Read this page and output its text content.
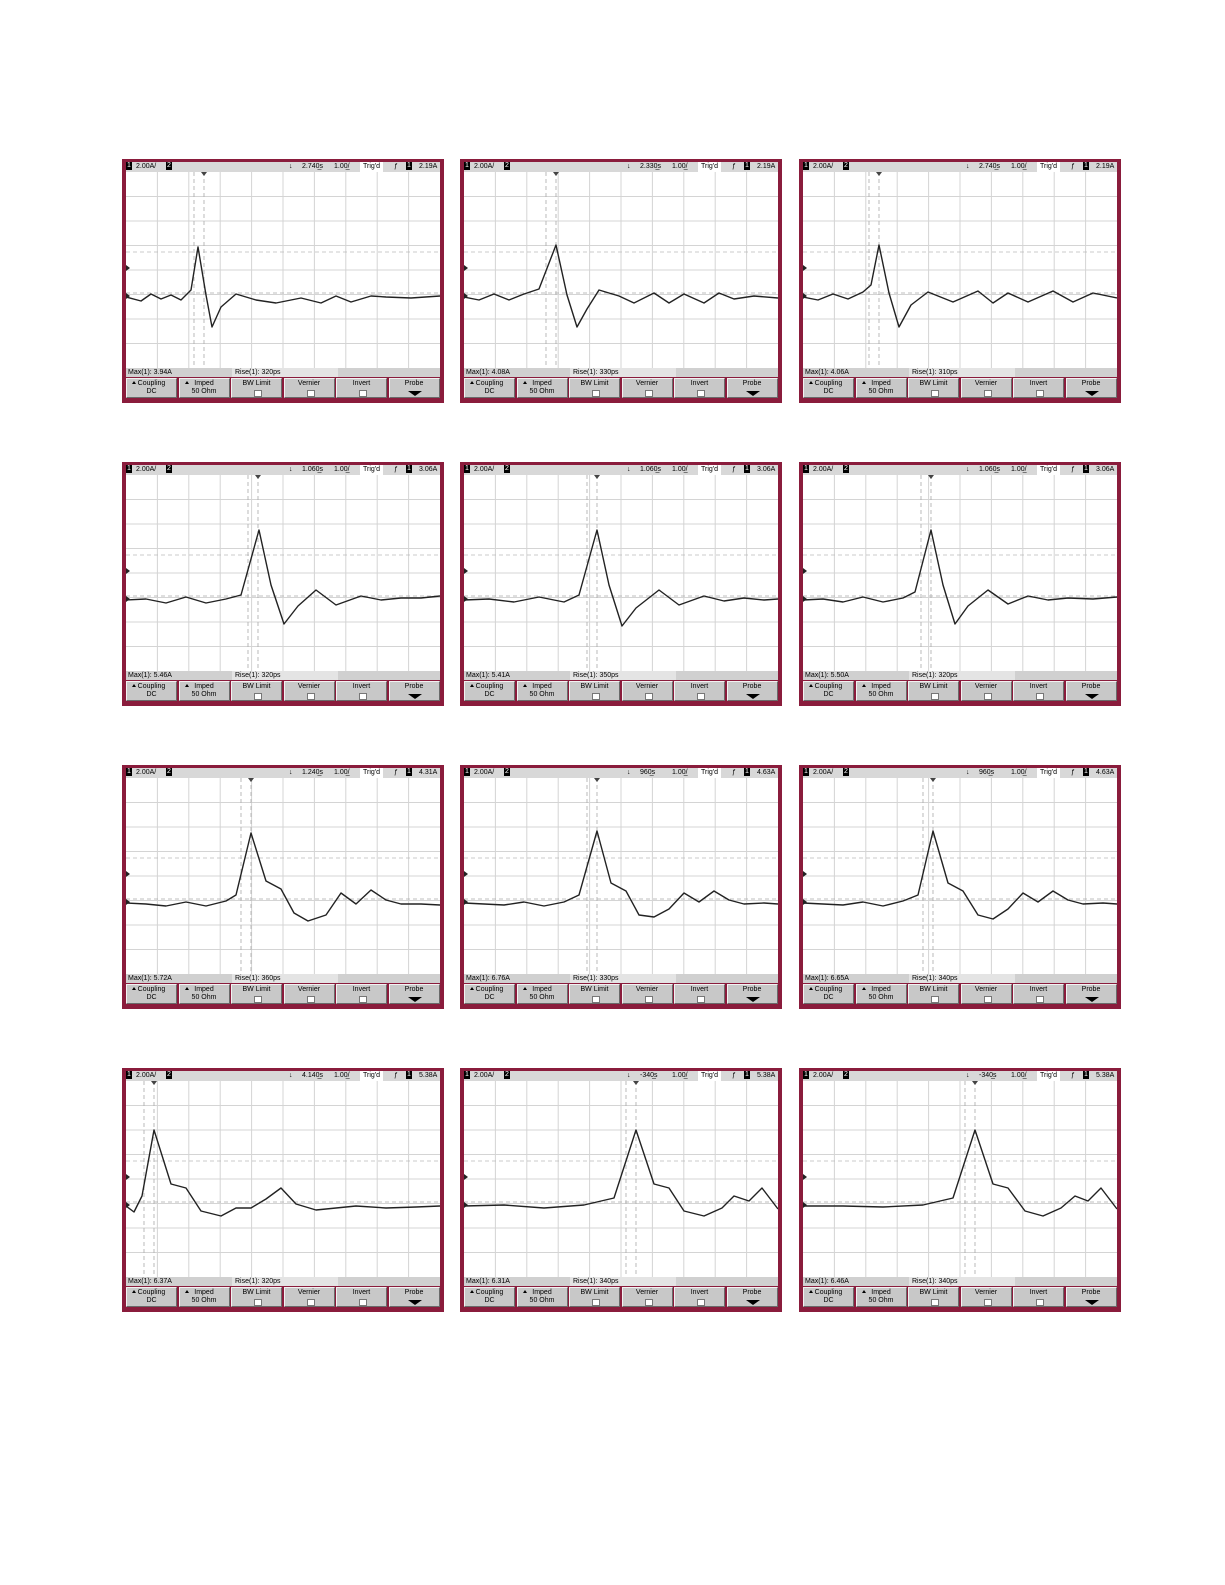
1 2.00A/ 2	↓ 2.740̲s 1.00̲/	Trig'd	ƒ 1 2.19A
Max(1): 3.94A	Rise(1): 320ps
Coupling
DC
Imped
50 Ohm
BW Limit	Vernier	Invert	Probe
1 2.00A/ 2	↓ 2.330̲s 1.00̲/	Trig'd	ƒ 1 2.19A
Max(1): 4.08A	Rise(1): 330ps
Coupling
DC
Imped
50 Ohm
BW Limit	Vernier	Invert	Probe
1 2.00A/ 2	↓ 2.740̲s 1.00̲/	Trig'd	ƒ 1 2.19A
Max(1): 4.06A	Rise(1): 310ps
Coupling
DC
Imped
50 Ohm
BW Limit	Vernier	Invert	Probe
1 2.00A/ 2	↓ 1.060̲s 1.00̲/	Trig'd	ƒ 1 3.06A
Max(1): 5.46A	Rise(1): 320ps
Coupling
DC
Imped
50 Ohm
BW Limit	Vernier	Invert	Probe
1 2.00A/ 2	↓ 1.060̲s 1.00̲/	Trig'd	ƒ 1 3.06A
Max(1): 5.41A	Rise(1): 350ps
Coupling
DC
Imped
50 Ohm
BW Limit	Vernier	Invert	Probe
1 2.00A/ 2	↓ 1.060̲s 1.00̲/	Trig'd	ƒ 1 3.06A
Max(1): 5.50A	Rise(1): 320ps
Coupling
DC
Imped
50 Ohm
BW Limit	Vernier	Invert	Probe
1 2.00A/ 2	↓ 1.240̲s 1.00̲/	Trig'd	ƒ 1 4.31A
Max(1): 5.72A	Rise(1): 360ps
Coupling
DC
Imped
50 Ohm
BW Limit	Vernier	Invert	Probe
1 2.00A/ 2	↓ 960̲s 1.00̲/	Trig'd	ƒ 1 4.63A
Max(1): 6.76A	Rise(1): 330ps
Coupling
DC
Imped
50 Ohm
BW Limit	Vernier	Invert	Probe
1 2.00A/ 2	↓ 960̲s 1.00̲/	Trig'd	ƒ 1 4.63A
Max(1): 6.65A	Rise(1): 340ps
Coupling
DC
Imped
50 Ohm
BW Limit	Vernier	Invert	Probe
1 2.00A/ 2	↓ 4.140̲s 1.00̲/	Trig'd	ƒ 1 5.38A
Max(1): 6.37A	Rise(1): 320ps
Coupling
DC
Imped
50 Ohm
BW Limit	Vernier	Invert	Probe
1 2.00A/ 2	↓ -340̲s 1.00̲/	Trig'd	ƒ 1 5.38A
Max(1): 6.31A	Rise(1): 340ps
Coupling
DC
Imped
50 Ohm
BW Limit	Vernier	Invert	Probe
1 2.00A/ 2	↓ -340̲s 1.00̲/	Trig'd	ƒ 1 5.38A
Max(1): 6.46A	Rise(1): 340ps
Coupling
DC
Imped
50 Ohm
BW Limit	Vernier	Invert	Probe
